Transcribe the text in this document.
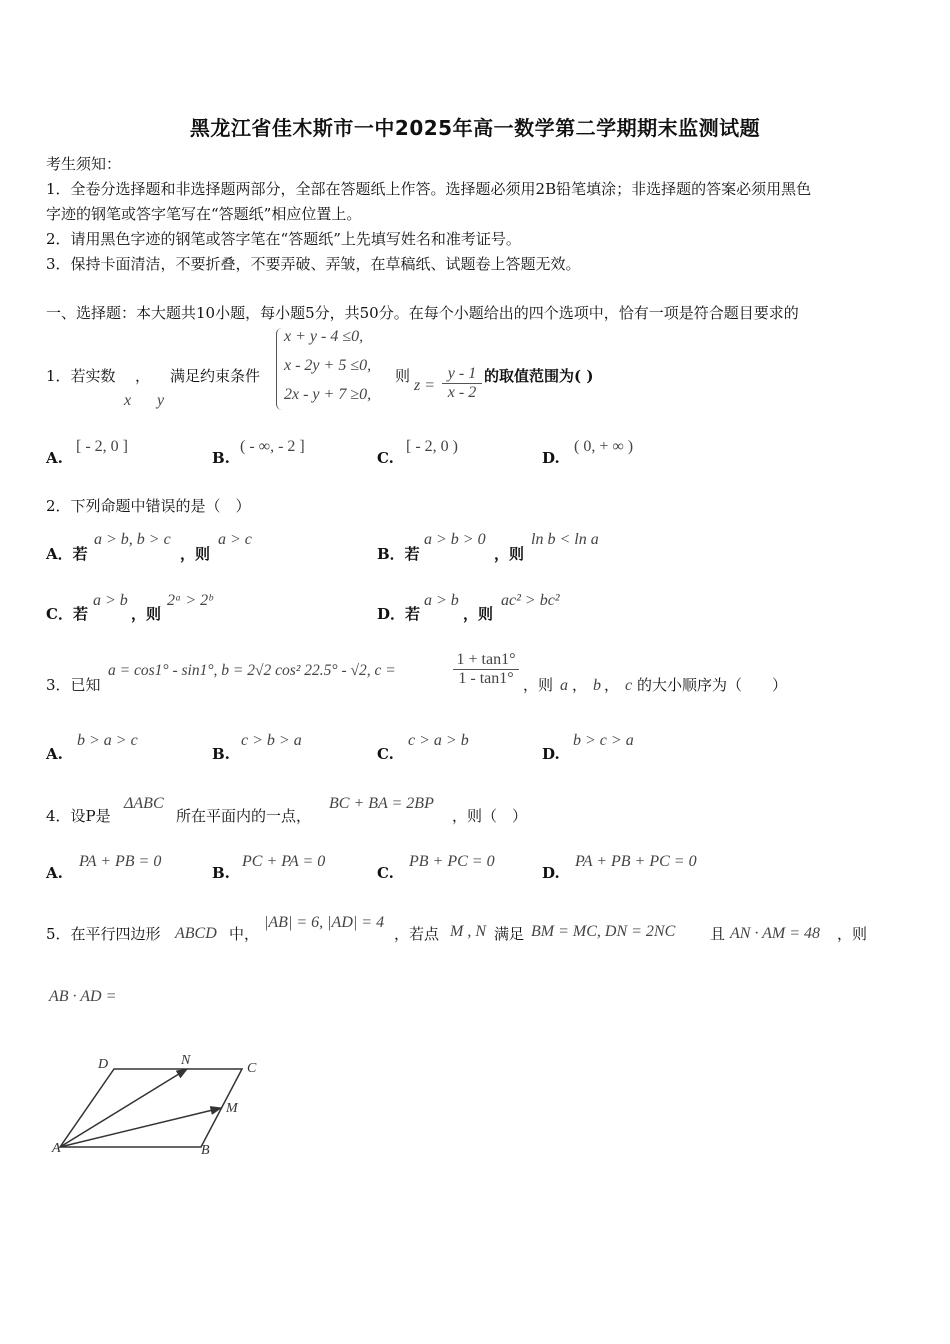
黑龙江省佳木斯市一中2025年高一数学第二学期期末监测试题
考生须知：
1．全卷分选择题和非选择题两部分，全部在答题纸上作答。选择题必须用2B铅笔填涂；非选择题的答案必须用黑色
字迹的钢笔或答字笔写在“答题纸”相应位置上。
2．请用黑色字迹的钢笔或答字笔在“答题纸”上先填写姓名和准考证号。
3．保持卡面清洁，不要折叠，不要弄破、弄皱，在草稿纸、试题卷上答题无效。
一、选择题：本大题共10小题，每小题5分，共50分。在每个小题给出的四个选项中，恰有一项是符合题目要求的
1．若实数 ， 满足约束条件
x y
x + y - 4 ≤0,
x - 2y + 5 ≤0,
2x - y + 7 ≥0,
则
$z = \frac{y - 1}{x - 2}$ 的取值范围为( )
A.
[ - 2, 0 ]
B.
( - ∞, - 2 ]
C.
[ - 2, 0 )
D.
( 0, + ∞ )
2．下列命题中错误的是（　）
A．若
a > b, b > c
，则
a > c
B．若
a > b > 0
，则
ln b < ln a
C．若
a > b
，则
2ᵃ > 2ᵇ
D．若
a > b
，则
ac² > bc²
3．已知
a = cos1° - sin1°, b = 2√2 cos² 22.5° - √2, c =	$\frac{1 + \tan 1^\circ}{1 - \tan 1^\circ}$ ，则 a ， b ， c 的大小顺序为（　　）
A.
b > a > c
B.
c > b > a
C.
c > a > b
D.
b > c > a
4．设P是
ΔABC
所在平面内的一点，
BC + BA = 2BP
，则（　）
A.
PA + PB = 0
B.
PC + PA = 0
C.
PB + PC = 0
D.
PA + PB + PC = 0
5．在平行四边形 ABCD 中，
|AB| = 6, |AD| = 4
，若点 M , N 满足 BM = MC, DN = 2NC 且 AN · AM = 48 ，则
AB · AD =
D	N
C
M
A	B
